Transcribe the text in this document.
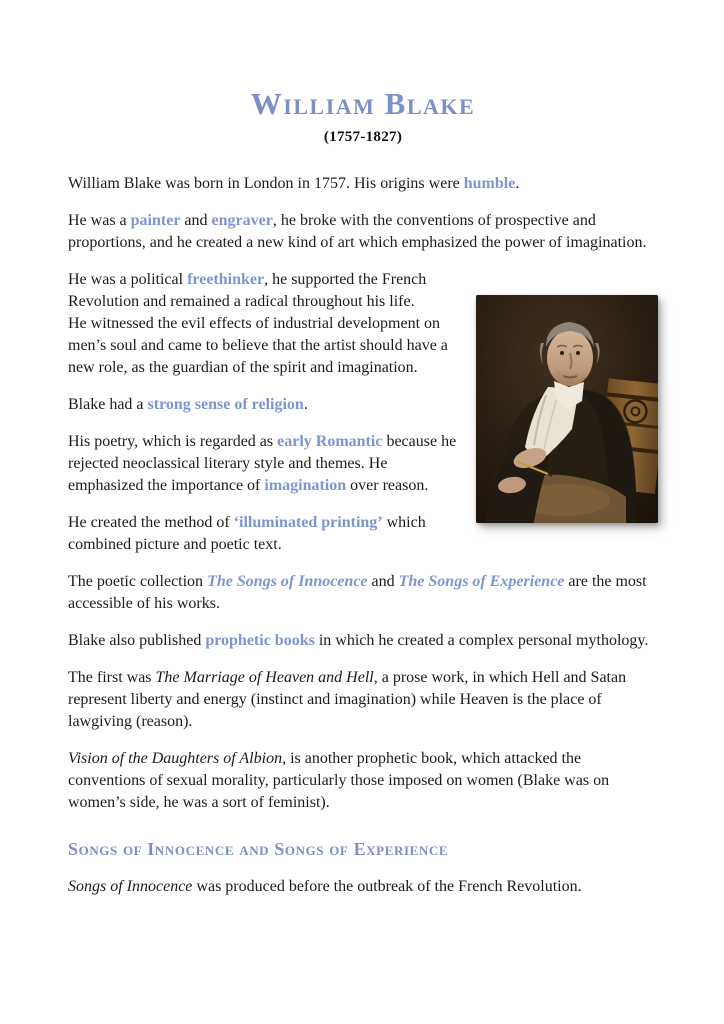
William Blake
(1757-1827)

William Blake was born in London in 1757. His origins were humble.

He was a painter and engraver, he broke with the conventions of prospective and proportions, and he created a new kind of art which emphasized the power of imagination.

He was a political freethinker, he supported the French Revolution and remained a radical throughout his life.
He witnessed the evil effects of industrial development on men’s soul and came to believe that the artist should have a new role, as the guardian of the spirit and imagination.

Blake had a strong sense of religion.

His poetry, which is regarded as early Romantic because he rejected neoclassical literary style and themes. He emphasized the importance of imagination over reason.

He created the method of ‘illuminated printing’ which combined picture and poetic text.

The poetic collection The Songs of Innocence and The Songs of Experience are the most accessible of his works.

Blake also published prophetic books in which he created a complex personal mythology.

The first was The Marriage of Heaven and Hell, a prose work, in which Hell and Satan represent liberty and energy (instinct and imagination) while Heaven is the place of lawgiving (reason).

Vision of the Daughters of Albion, is another prophetic book, which attacked the conventions of sexual morality, particularly those imposed on women (Blake was on women’s side, he was a sort of feminist).

Songs of Innocence and Songs of Experience

Songs of Innocence was produced before the outbreak of the French Revolution.
